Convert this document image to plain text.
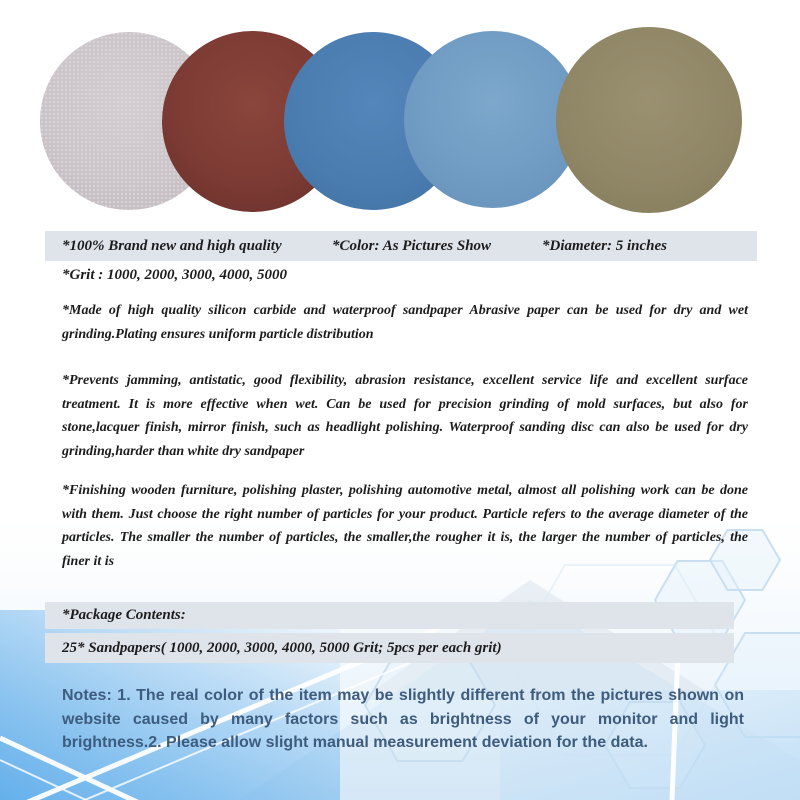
*100% Brand new and high quality	*Color: As Pictures Show	*Diameter: 5 inches
*Grit : 1000, 2000, 3000, 4000, 5000
*Made of high quality silicon carbide and waterproof sandpaper Abrasive paper can be used for dry and wet grinding.Plating ensures uniform particle distribution
*Prevents jamming, antistatic, good flexibility, abrasion resistance, excellent service life and excellent surface treatment. It is more effective when wet. Can be used for precision grinding of mold surfaces, but also for stone,lacquer finish, mirror finish, such as headlight polishing. Waterproof sanding disc can also be used for dry grinding,harder than white dry sandpaper
*Finishing wooden furniture, polishing plaster, polishing automotive metal, almost all polishing work can be done with them. Just choose the right number of particles for your product. Particle refers to the average diameter of the particles. The smaller the number of particles, the smaller,the rougher it is, the larger the number of particles, the finer it is
*Package Contents:
25* Sandpapers( 1000, 2000, 3000, 4000, 5000 Grit; 5pcs per each grit)
Notes: 1. The real color of the item may be slightly different from the pictures shown on website caused by many factors such as brightness of your monitor and light brightness.2. Please allow slight manual measurement deviation for the data.
